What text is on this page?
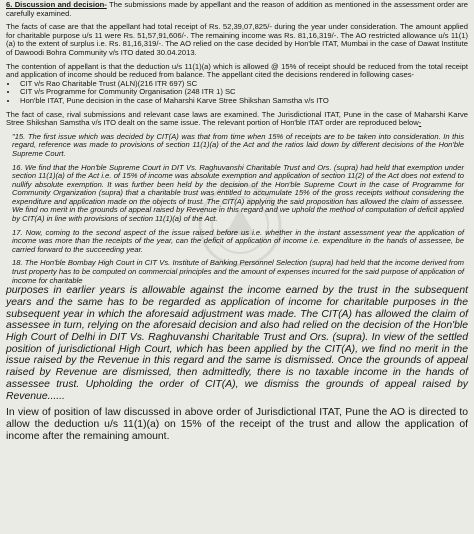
6. Discussion and decision- The submissions made by appellant and the reason of addition as mentioned in the assessment order are carefully examined.

The facts of case are that the appellant had total receipt of Rs. 52,39,07,825/- during the year under consideration. The amount applied for charitable purpose u/s 11 were Rs. 51,57,91,606/-. The remaining income was Rs. 81,16,319/-. The AO restricted allowance u/s 11(1)(a) to the extent of surplus i.e. Rs. 81,16,319/-. The AO relied on the case decided by Hon'ble ITAT, Mumbai in the case of Dawat Institute of Dawoodi Bohra Community v/s ITO dated 30.04.2013.

The contention of appellant is that the deduction u/s 11(1)(a) which is allowed @ 15% of receipt should be reduced from the total receipt and application of income should be reduced from balance. The appellant cited the decisions rendered in following cases-

• CIT v/s Rao Charitable Trust (ALN)(216 ITR 697) SC
• CIT v/s Programme for Community Organisation (248 ITR 1) SC
• Hon'ble ITAT, Pune decision in the case of Maharshi Karve Stree Shikshan Samstha v/s ITO

The fact of case, rival submissions and relevant case laws are examined. The Jurisdictional ITAT, Pune in the case of Maharshi Karve Stree Shikshan Samstha v/s ITO dealt on the same issue. The relevant portion of Hon'ble ITAT order are reproduced below-

"15. The first issue which was decided by CIT(A) was that from time when 15% of receipts are to be taken into consideration. In this regard, reference was made to provisions of section 11(1)(a) of the Act and the ratios laid down by different decisions of the Hon'ble Supreme Court.

16. We find that the Hon'ble Supreme Court in DIT Vs. Raghuvanshi Charitable Trust and Ors. (supra) had held that exemption under section 11(1)(a) of the Act i.e. of 15% of income was absolute exemption and application of section 11(2) of the Act does not extend to nullify absolute exemption. It was further been held by the decision of the Hon'ble Supreme Court in the case of Programme for Community Organization (supra) that a charitable trust was entitled to accumulate 15% of the gross receipts without considering the expenditure and application made on the objects of trust. The CIT(A) applying the said proposition has allowed the claim of assessee. We find no merit in the grounds of appeal raised by Revenue in this regard and we uphold the method of computation of deficit applied by CIT(A) in line with provisions of section 11(1)(a) of the Act.

17. Now, coming to the second aspect of the issue raised before us i.e. whether in the instant assessment year the application of income was more than the receipts of the year, can the deficit of application of income i.e. expenditure in the hands of assessee, be carried forward to the succeeding year.

18. The Hon'ble Bombay High Court in CIT Vs. Institute of Banking Personnel Selection (supra) had held that the income derived from trust property has to be computed on commercial principles and the amount of expenses incurred for the said purpose of application of income for charitable

purposes in earlier years is allowable against the income earned by the trust in the subsequent years and the same has to be regarded as application of income for charitable purposes in the subsequent year in which the aforesaid adjustment was made. The CIT(A) has allowed the claim of assessee in turn, relying on the aforesaid decision and also had relied on the decision of the Hon'ble High Court of Delhi in DIT Vs. Raghuvanshi Charitable Trust and Ors. (supra). In view of the settled position of jurisdictional High Court, which has been applied by the CIT(A), we find no merit in the issue raised by the Revenue in this regard and the same is dismissed. Once the grounds of appeal raised by Revenue are dismissed, then admittedly, there is no taxable income in the hands of assessee trust. Upholding the order of CIT(A), we dismiss the grounds of appeal raised by Revenue......

In view of position of law discussed in above order of Jurisdictional ITAT, Pune the AO is directed to allow the deduction u/s 11(1)(a) on 15% of the receipt of the trust and allow the application of income after the remaining amount.
